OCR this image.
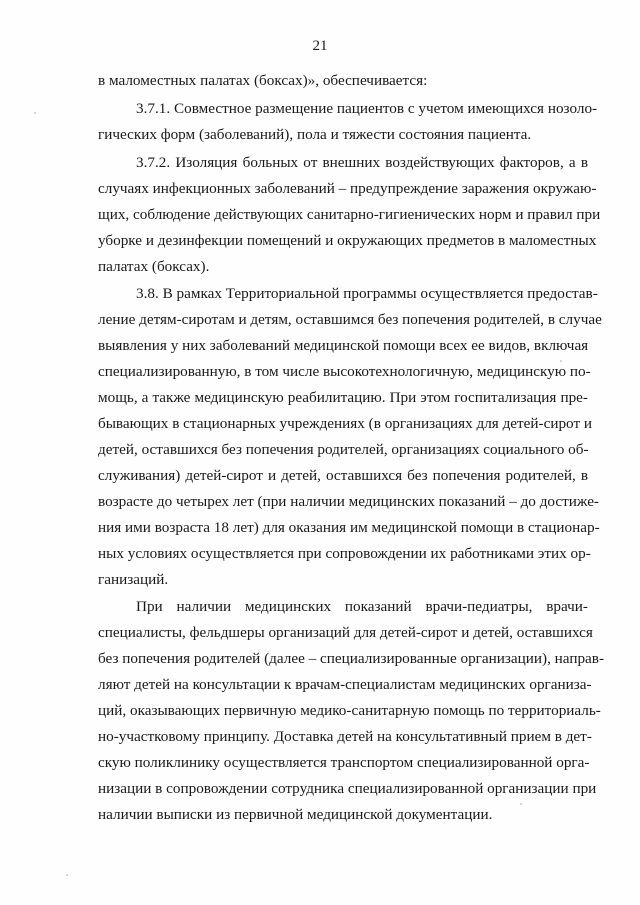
21
в маломестных палатах (боксах)», обеспечивается:
3.7.1. Совместное размещение пациентов с учетом имеющихся нозоло-
гических форм (заболеваний), пола и тяжести состояния пациента.
3.7.2. Изоляция больных от внешних воздействующих факторов, а в
случаях инфекционных заболеваний – предупреждение заражения окружаю-
щих, соблюдение действующих санитарно-гигиенических норм и правил при
уборке и дезинфекции помещений и окружающих предметов в маломестных
палатах (боксах).
3.8. В рамках Территориальной программы осуществляется предостав-
ление детям-сиротам и детям, оставшимся без попечения родителей, в случае
выявления у них заболеваний медицинской помощи всех ее видов, включая
специализированную, в том числе высокотехнологичную, медицинскую по-
мощь, а также медицинскую реабилитацию. При этом госпитализация пре-
бывающих в стационарных учреждениях (в организациях для детей-сирот и
детей, оставшихся без попечения родителей, организациях социального об-
служивания) детей-сирот и детей, оставшихся без попечения родителей, в
возрасте до четырех лет (при наличии медицинских показаний – до достиже-
ния ими возраста 18 лет) для оказания им медицинской помощи в стационар-
ных условиях осуществляется при сопровождении их работниками этих ор-
ганизаций.
При наличии медицинских показаний врачи-педиатры, врачи-
специалисты, фельдшеры организаций для детей-сирот и детей, оставшихся
без попечения родителей (далее – специализированные организации), направ-
ляют детей на консультации к врачам-специалистам медицинских организа-
ций, оказывающих первичную медико-санитарную помощь по территориаль-
но-участковому принципу. Доставка детей на консультативный прием в дет-
скую поликлинику осуществляется транспортом специализированной орга-
низации в сопровождении сотрудника специализированной организации при
наличии выписки из первичной медицинской документации.
